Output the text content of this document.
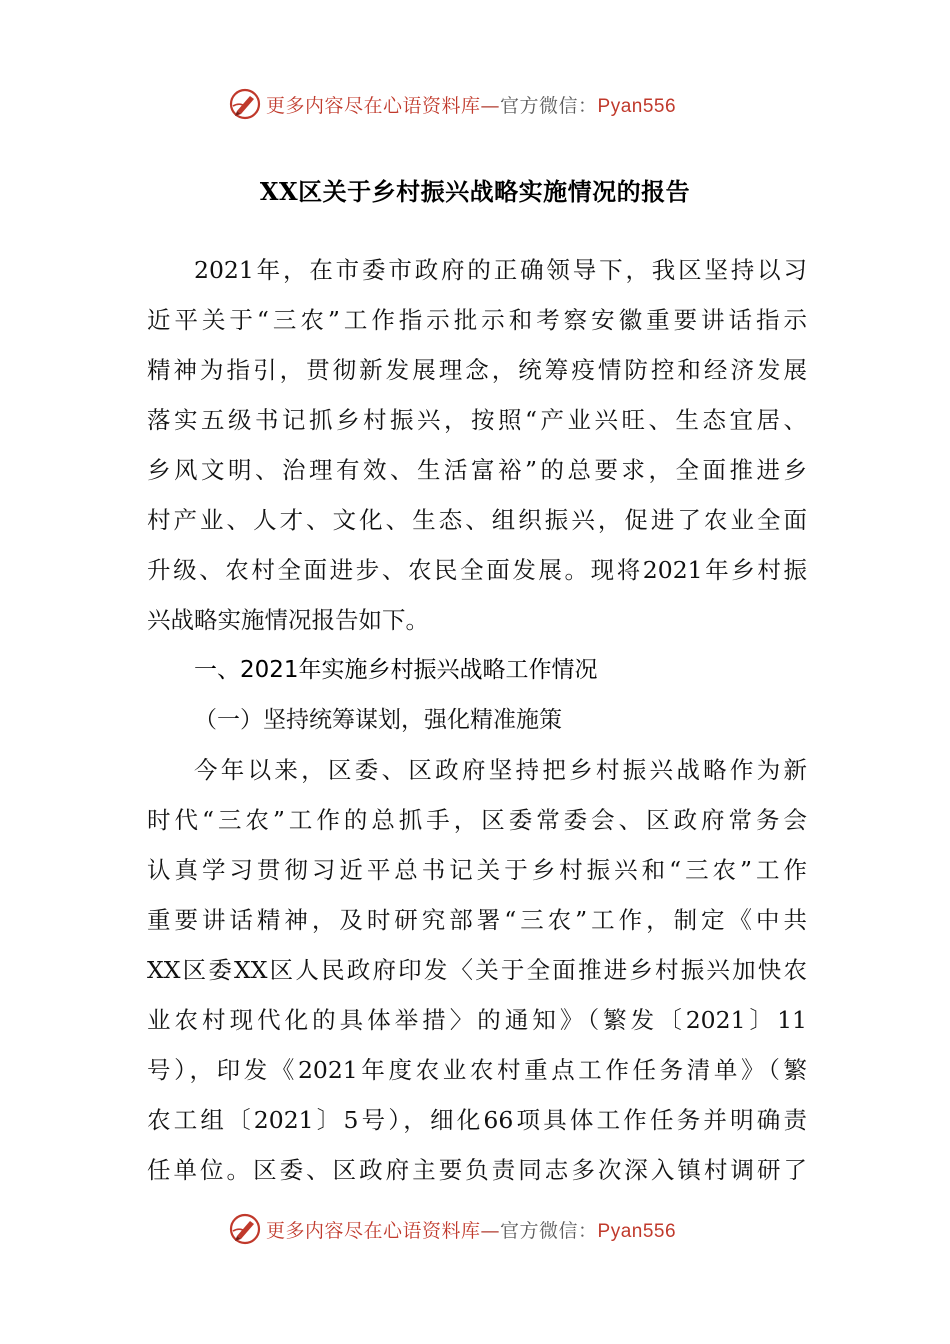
更多内容尽在心语资料库—官方微信：Pyan556
XX区关于乡村振兴战略实施情况的报告
2021年，在市委市政府的正确领导下，我区坚持以习
近平关于“三农”工作指示批示和考察安徽重要讲话指示
精神为指引，贯彻新发展理念，统筹疫情防控和经济发展
落实五级书记抓乡村振兴，按照“产业兴旺、生态宜居、
乡风文明、治理有效、生活富裕”的总要求，全面推进乡
村产业、人才、文化、生态、组织振兴，促进了农业全面
升级、农村全面进步、农民全面发展。现将2021年乡村振
兴战略实施情况报告如下。
一、2021年实施乡村振兴战略工作情况
（一）坚持统筹谋划，强化精准施策
今年以来，区委、区政府坚持把乡村振兴战略作为新
时代“三农”工作的总抓手，区委常委会、区政府常务会
认真学习贯彻习近平总书记关于乡村振兴和“三农”工作
重要讲话精神，及时研究部署“三农”工作，制定《中共
XX区委XX区人民政府印发〈关于全面推进乡村振兴加快农
业农村现代化的具体举措〉的通知》（繁发〔2021〕11
号），印发《2021年度农业农村重点工作任务清单》（繁
农工组〔2021〕5号），细化66项具体工作任务并明确责
任单位。区委、区政府主要负责同志多次深入镇村调研了
更多内容尽在心语资料库—官方微信：Pyan556
